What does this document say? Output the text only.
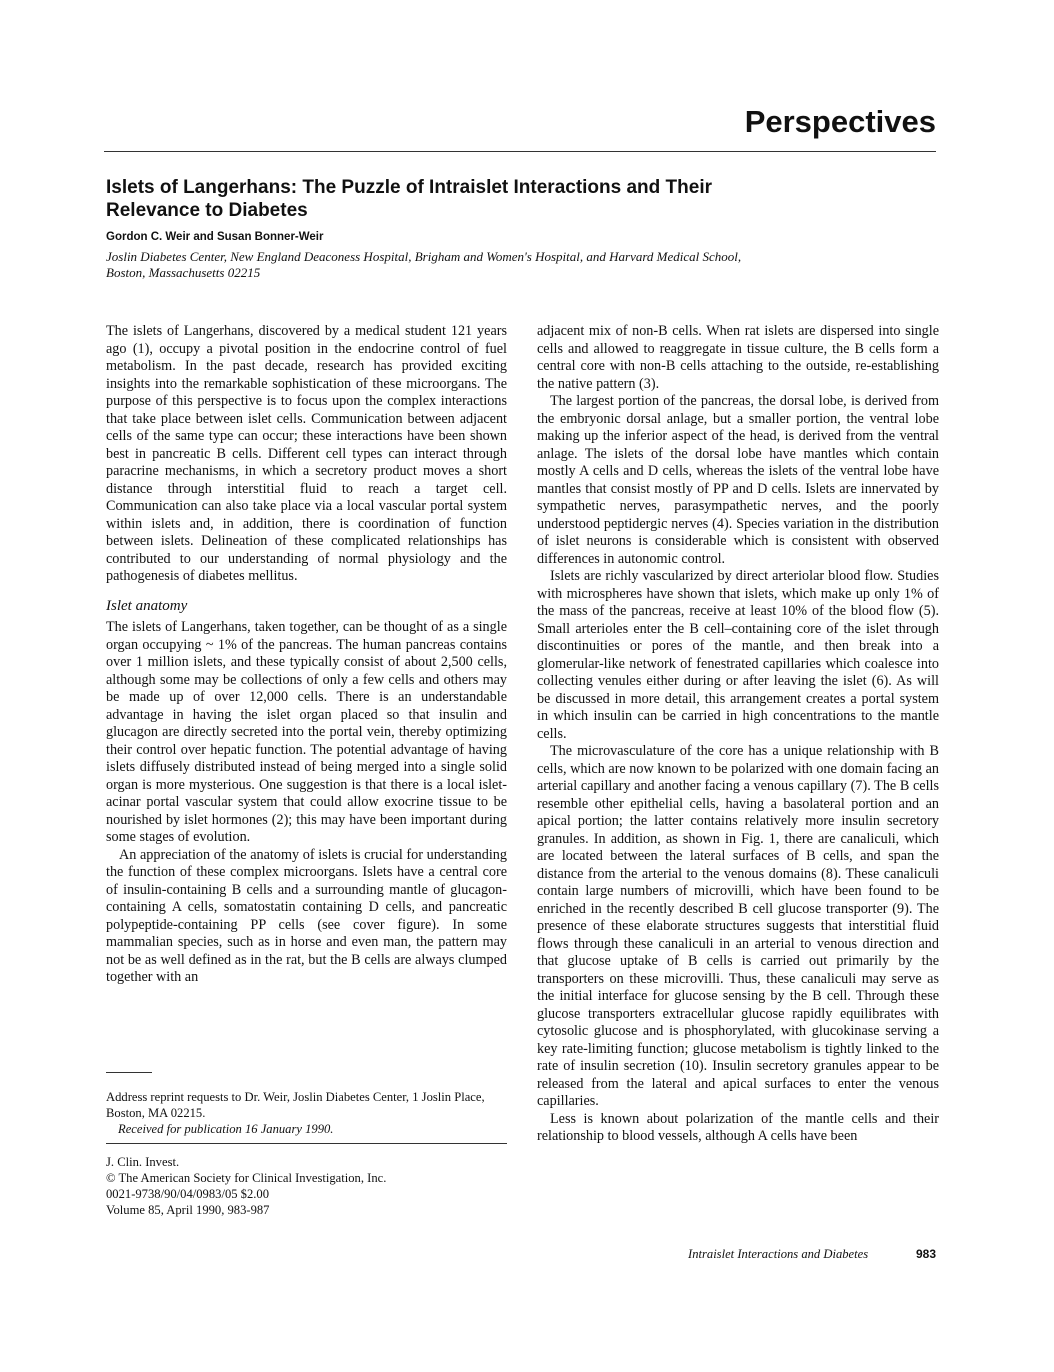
Perspectives
Islets of Langerhans: The Puzzle of Intraislet Interactions and Their Relevance to Diabetes
Gordon C. Weir and Susan Bonner-Weir
Joslin Diabetes Center, New England Deaconess Hospital, Brigham and Women's Hospital, and Harvard Medical School, Boston, Massachusetts 02215

The islets of Langerhans, discovered by a medical student 121 years ago (1), occupy a pivotal position in the endocrine control of fuel metabolism. In the past decade, research has provided exciting insights into the remarkable sophistication of these microorgans. The purpose of this perspective is to focus upon the complex interactions that take place between islet cells. Communication between adjacent cells of the same type can occur; these interactions have been shown best in pancreatic B cells. Different cell types can interact through paracrine mechanisms, in which a secretory product moves a short distance through interstitial fluid to reach a target cell. Communication can also take place via a local vascular portal system within islets and, in addition, there is coordination of function between islets. Delineation of these complicated relationships has contributed to our understanding of normal physiology and the pathogenesis of diabetes mellitus.

Islet anatomy

The islets of Langerhans, taken together, can be thought of as a single organ occupying ~ 1% of the pancreas. The human pancreas contains over 1 million islets, and these typically consist of about 2,500 cells, although some may be collections of only a few cells and others may be made up of over 12,000 cells. There is an understandable advantage in having the islet organ placed so that insulin and glucagon are directly secreted into the portal vein, thereby optimizing their control over hepatic function. The potential advantage of having islets diffusely distributed instead of being merged into a single solid organ is more mysterious. One suggestion is that there is a local islet-acinar portal vascular system that could allow exocrine tissue to be nourished by islet hormones (2); this may have been important during some stages of evolution.

An appreciation of the anatomy of islets is crucial for understanding the function of these complex microorgans. Islets have a central core of insulin-containing B cells and a surrounding mantle of glucagon-containing A cells, somatostatin containing D cells, and pancreatic polypeptide-containing PP cells (see cover figure). In some mammalian species, such as in horse and even man, the pattern may not be as well defined as in the rat, but the B cells are always clumped together with an

Address reprint requests to Dr. Weir, Joslin Diabetes Center, 1 Joslin Place, Boston, MA 02215.

Received for publication 16 January 1990.

J. Clin. Invest.

© The American Society for Clinical Investigation, Inc.

0021-9738/90/04/0983/05 $2.00

Volume 85, April 1990, 983-987

adjacent mix of non-B cells. When rat islets are dispersed into single cells and allowed to reaggregate in tissue culture, the B cells form a central core with non-B cells attaching to the outside, re-establishing the native pattern (3).

The largest portion of the pancreas, the dorsal lobe, is derived from the embryonic dorsal anlage, but a smaller portion, the ventral lobe making up the inferior aspect of the head, is derived from the ventral anlage. The islets of the dorsal lobe have mantles which contain mostly A cells and D cells, whereas the islets of the ventral lobe have mantles that consist mostly of PP and D cells. Islets are innervated by sympathetic nerves, parasympathetic nerves, and the poorly understood peptidergic nerves (4). Species variation in the distribution of islet neurons is considerable which is consistent with observed differences in autonomic control.

Islets are richly vascularized by direct arteriolar blood flow. Studies with microspheres have shown that islets, which make up only 1% of the mass of the pancreas, receive at least 10% of the blood flow (5). Small arterioles enter the B cell–containing core of the islet through discontinuities or pores of the mantle, and then break into a glomerular-like network of fenestrated capillaries which coalesce into collecting venules either during or after leaving the islet (6). As will be discussed in more detail, this arrangement creates a portal system in which insulin can be carried in high concentrations to the mantle cells.

The microvasculature of the core has a unique relationship with B cells, which are now known to be polarized with one domain facing an arterial capillary and another facing a venous capillary (7). The B cells resemble other epithelial cells, having a basolateral portion and an apical portion; the latter contains relatively more insulin secretory granules. In addition, as shown in Fig. 1, there are canaliculi, which are located between the lateral surfaces of B cells, and span the distance from the arterial to the venous domains (8). These canaliculi contain large numbers of microvilli, which have been found to be enriched in the recently described B cell glucose transporter (9). The presence of these elaborate structures suggests that interstitial fluid flows through these canaliculi in an arterial to venous direction and that glucose uptake of B cells is carried out primarily by the transporters on these microvilli. Thus, these canaliculi may serve as the initial interface for glucose sensing by the B cell. Through these glucose transporters extracellular glucose rapidly equilibrates with cytosolic glucose and is phosphorylated, with glucokinase serving a key rate-limiting function; glucose metabolism is tightly linked to the rate of insulin secretion (10). Insulin secretory granules appear to be released from the lateral and apical surfaces to enter the venous capillaries.

Less is known about polarization of the mantle cells and their relationship to blood vessels, although A cells have been

Intraislet Interactions and Diabetes	983
